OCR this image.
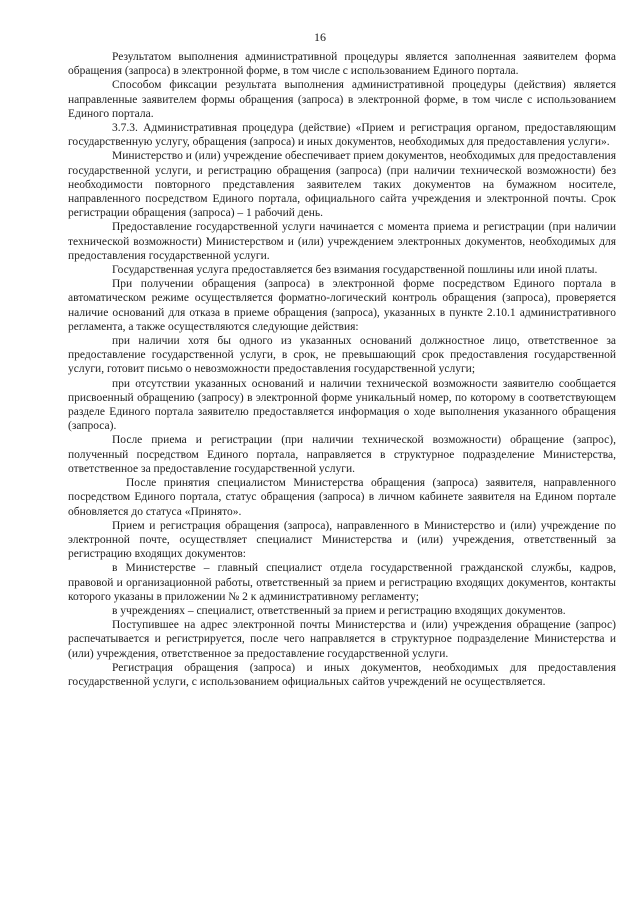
16

Результатом выполнения административной процедуры является заполненная заявителем форма обращения (запроса) в электронной форме, в том числе с использованием Единого портала.

Способом фиксации результата выполнения административной процедуры (действия) является направленные заявителем формы обращения (запроса) в электронной форме, в том числе с использованием Единого портала.

3.7.3. Административная процедура (действие) «Прием и регистрация органом, предоставляющим государственную услугу, обращения (запроса) и иных документов, необходимых для предоставления услуги».

Министерство и (или) учреждение обеспечивает прием документов, необходимых для предоставления государственной услуги, и регистрацию обращения (запроса) (при наличии технической возможности) без необходимости повторного представления заявителем таких документов на бумажном носителе, направленного посредством Единого портала, официального сайта учреждения и электронной почты. Срок регистрации обращения (запроса) – 1 рабочий день.

Предоставление государственной услуги начинается с момента приема и регистрации (при наличии технической возможности) Министерством и (или) учреждением электронных документов, необходимых для предоставления государственной услуги.

Государственная услуга предоставляется без взимания государственной пошлины или иной платы.

При получении обращения (запроса) в электронной форме посредством Единого портала в автоматическом режиме осуществляется форматно-логический контроль обращения (запроса), проверяется наличие оснований для отказа в приеме обращения (запроса), указанных в пункте 2.10.1 административного регламента, а также осуществляются следующие действия:

при наличии хотя бы одного из указанных оснований должностное лицо, ответственное за предоставление государственной услуги, в срок, не превышающий срок предоставления государственной услуги, готовит письмо о невозможности предоставления государственной услуги;

при отсутствии указанных оснований и наличии технической возможности заявителю сообщается присвоенный обращению (запросу) в электронной форме уникальный номер, по которому в соответствующем разделе Единого портала заявителю предоставляется информация о ходе выполнения указанного обращения (запроса).

После приема и регистрации (при наличии технической возможности) обращение (запрос), полученный посредством Единого портала, направляется в структурное подразделение Министерства, ответственное за предоставление государственной услуги.

После принятия специалистом Министерства обращения (запроса) заявителя, направленного посредством Единого портала, статус обращения (запроса) в личном кабинете заявителя на Едином портале обновляется до статуса «Принято».

Прием и регистрация обращения (запроса), направленного в Министерство и (или) учреждение по электронной почте, осуществляет специалист Министерства и (или) учреждения, ответственный за регистрацию входящих документов:

в Министерстве – главный специалист отдела государственной гражданской службы, кадров, правовой и организационной работы, ответственный за прием и регистрацию входящих документов, контакты которого указаны в приложении № 2 к административному регламенту;

в учреждениях – специалист, ответственный за прием и регистрацию входящих документов.

Поступившее на адрес электронной почты Министерства и (или) учреждения обращение (запрос) распечатывается и регистрируется, после чего направляется в структурное подразделение Министерства и (или) учреждения, ответственное за предоставление государственной услуги.

Регистрация обращения (запроса) и иных документов, необходимых для предоставления государственной услуги, с использованием официальных сайтов учреждений не осуществляется.
